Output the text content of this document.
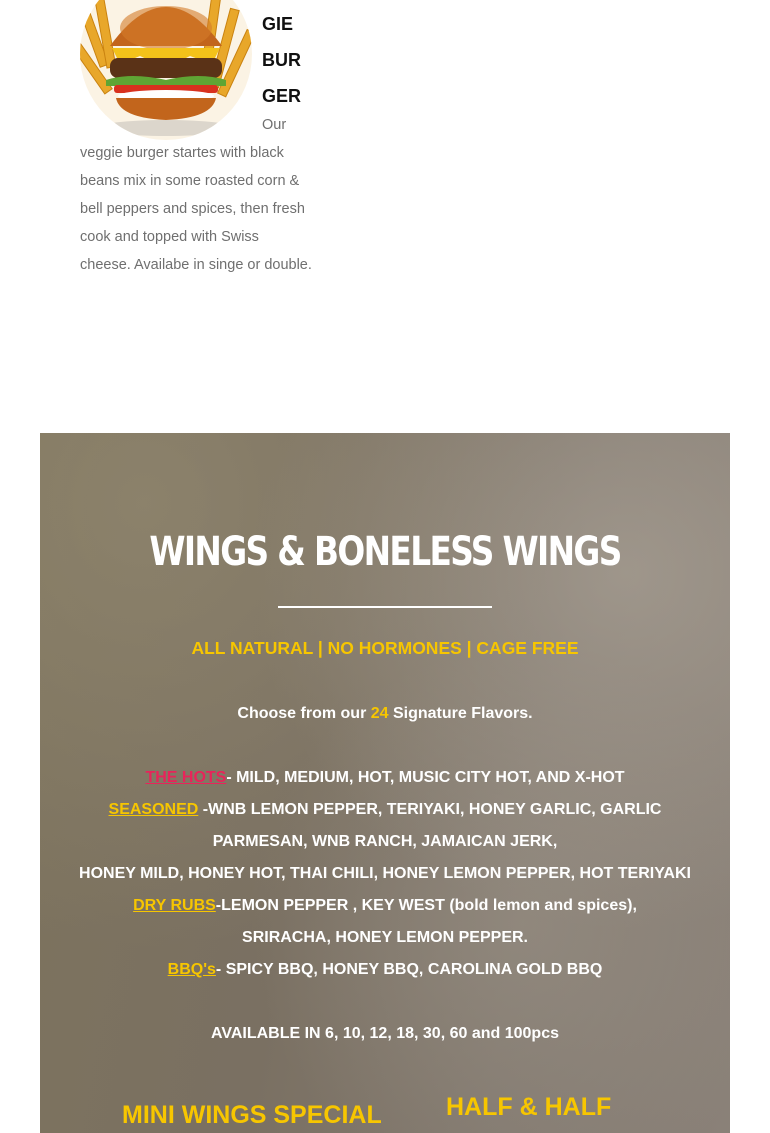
GIE
BUR
GER

Our veggie burger startes with black beans mix in some roasted corn & bell peppers and spices, then fresh cook and topped with Swiss cheese. Availabe in singe or double.

WINGS & BONELESS WINGS
ALL NATURAL | NO HORMONES | CAGE FREE
Choose from our 24 Signature Flavors.
THE HOTS- MILD, MEDIUM, HOT, MUSIC CITY HOT, AND X-HOT
SEASONED -WNB LEMON PEPPER, TERIYAKI, HONEY GARLIC, GARLIC
PARMESAN, WNB RANCH, JAMAICAN JERK,
HONEY MILD, HONEY HOT, THAI CHILI, HONEY LEMON PEPPER, HOT TERIYAKI
DRY RUBS-LEMON PEPPER , KEY WEST (bold lemon and spices),
SRIRACHA, HONEY LEMON PEPPER.
BBQ's- SPICY BBQ, HONEY BBQ, CAROLINA GOLD BBQ
AVAILABLE IN 6, 10, 12, 18, 30, 60 and 100pcs
MINI WINGS SPECIAL	HALF & HALF
